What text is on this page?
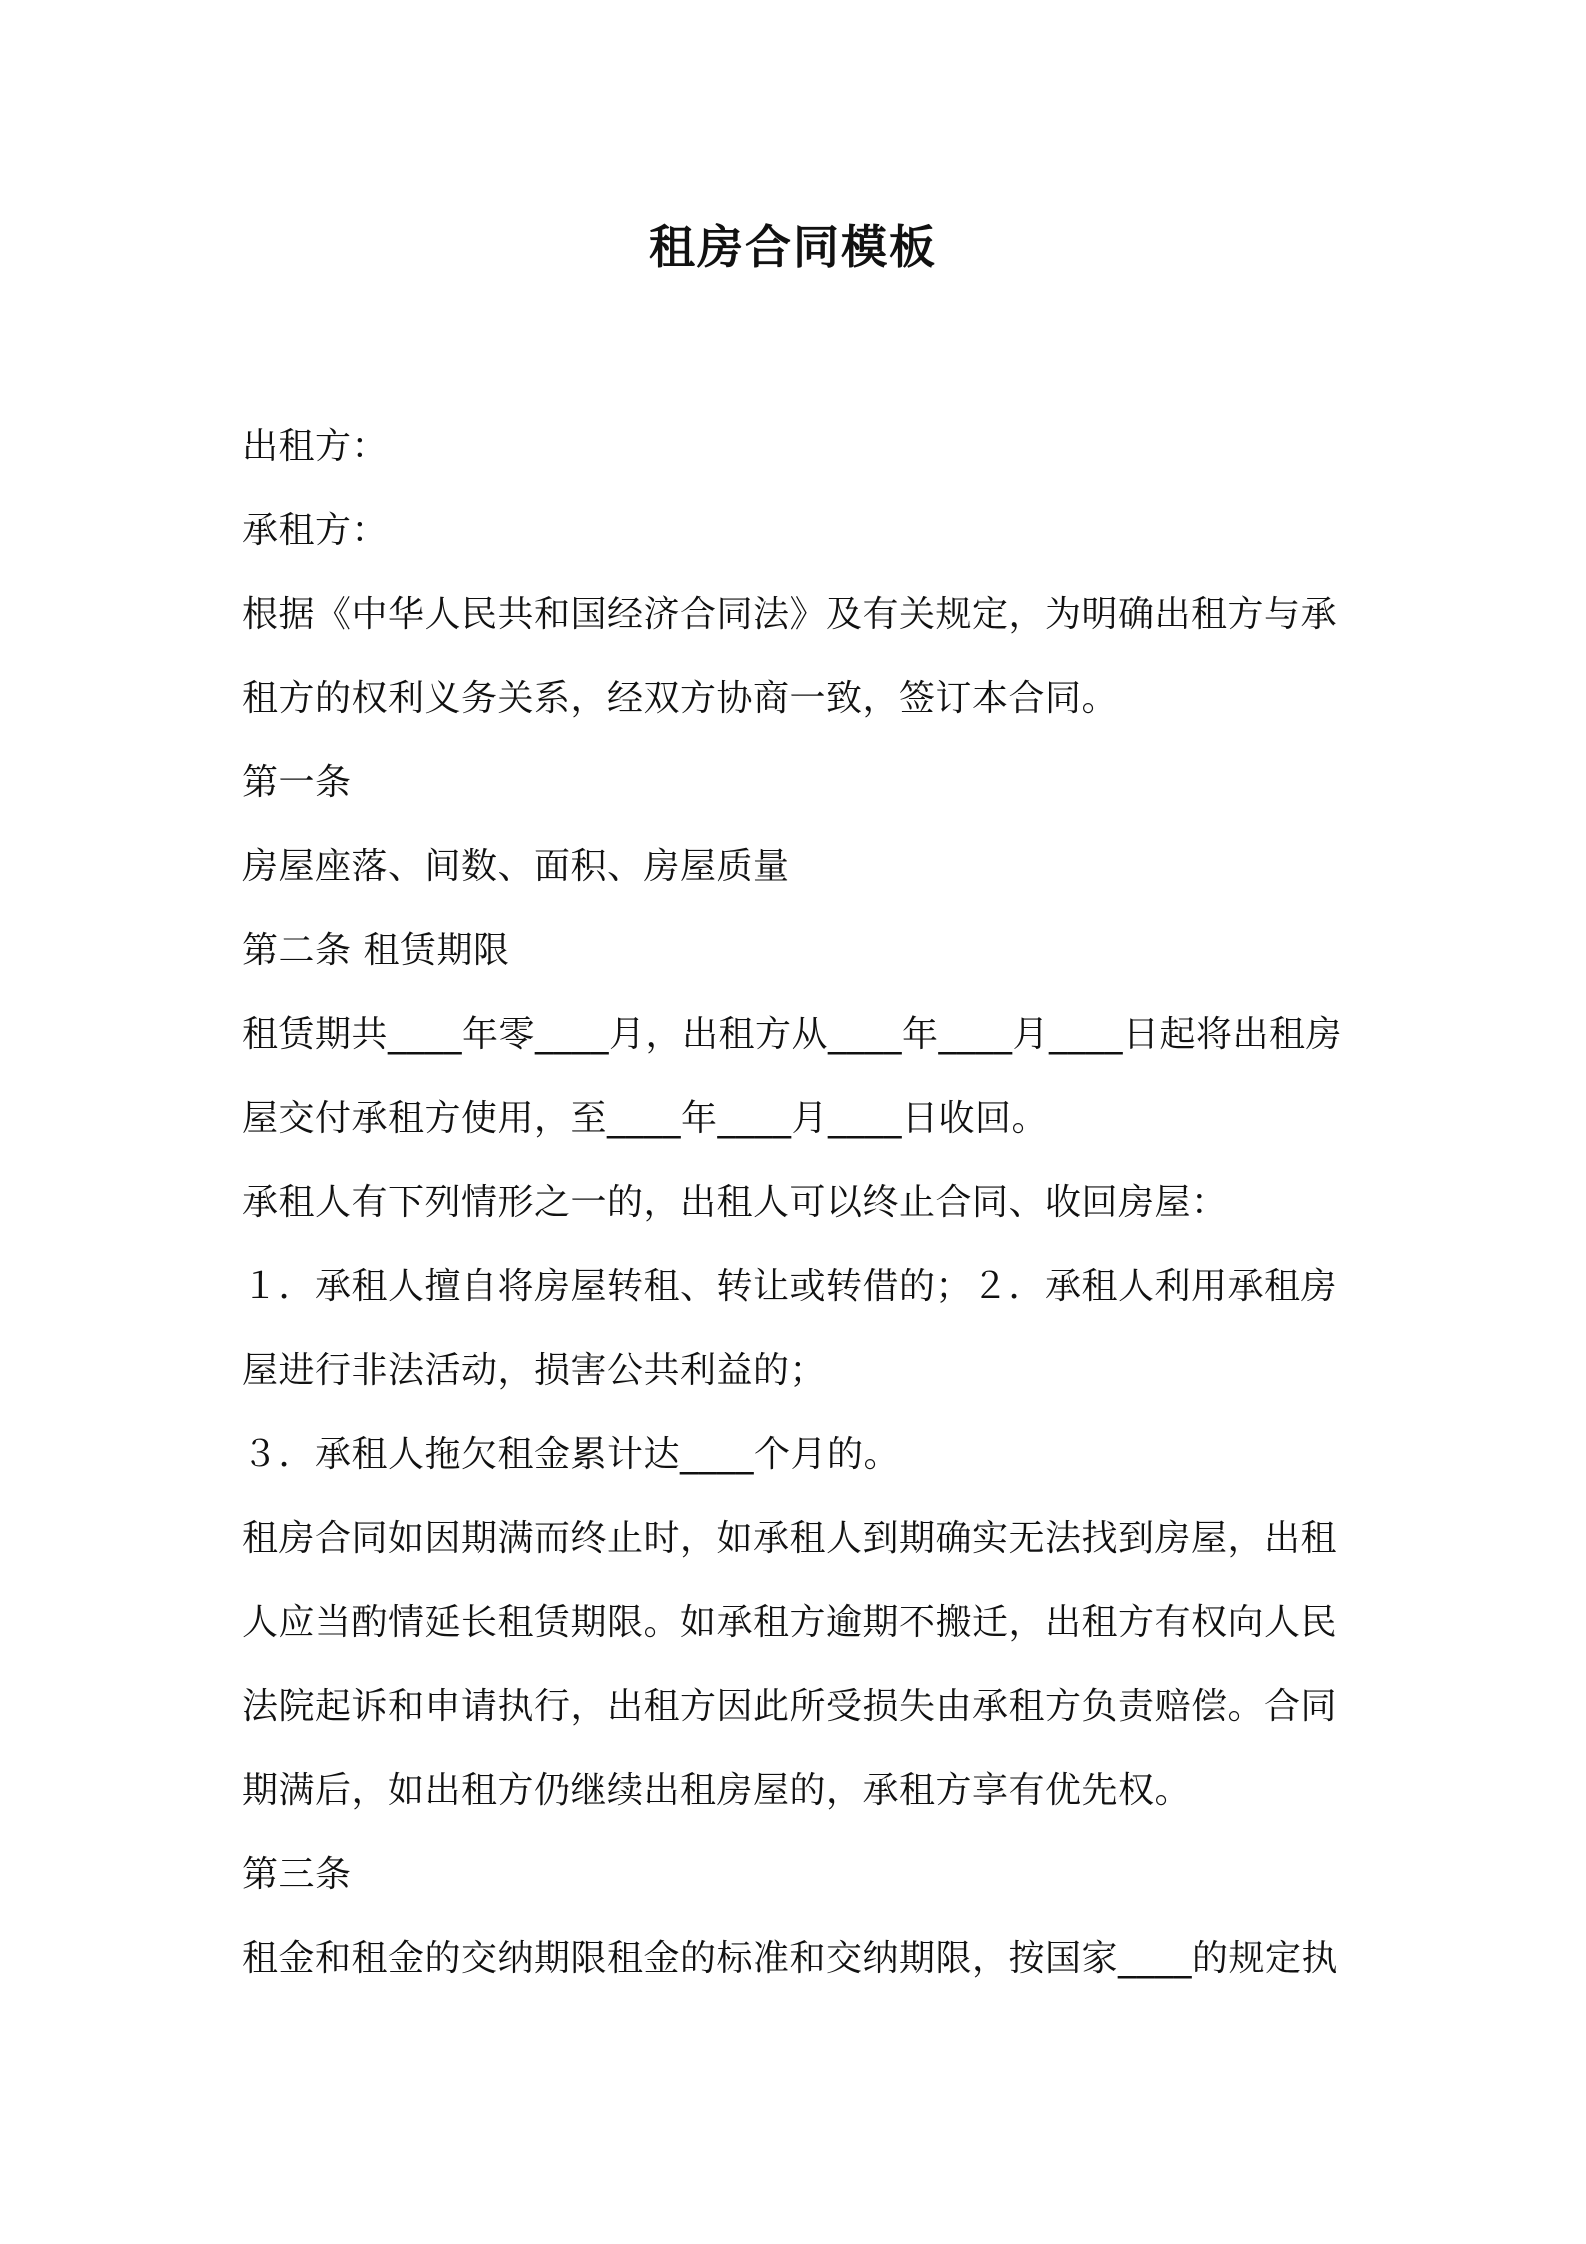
租房合同模板

出租方：

承租方：

根据《中华人民共和国经济合同法》及有关规定，为明确出租方与承

租方的权利义务关系，经双方协商一致，签订本合同。

第一条

房屋座落、间数、面积、房屋质量

第二条 租赁期限

租赁期共____年零____月，出租方从____年____月____日起将出租房

屋交付承租方使用，至____年____月____日收回。

承租人有下列情形之一的，出租人可以终止合同、收回房屋：

１．承租人擅自将房屋转租、转让或转借的；２．承租人利用承租房

屋进行非法活动，损害公共利益的；

３．承租人拖欠租金累计达____个月的。

租房合同如因期满而终止时，如承租人到期确实无法找到房屋，出租

人应当酌情延长租赁期限。如承租方逾期不搬迁，出租方有权向人民

法院起诉和申请执行，出租方因此所受损失由承租方负责赔偿。合同

期满后，如出租方仍继续出租房屋的，承租方享有优先权。

第三条

租金和租金的交纳期限租金的标准和交纳期限，按国家____的规定执
